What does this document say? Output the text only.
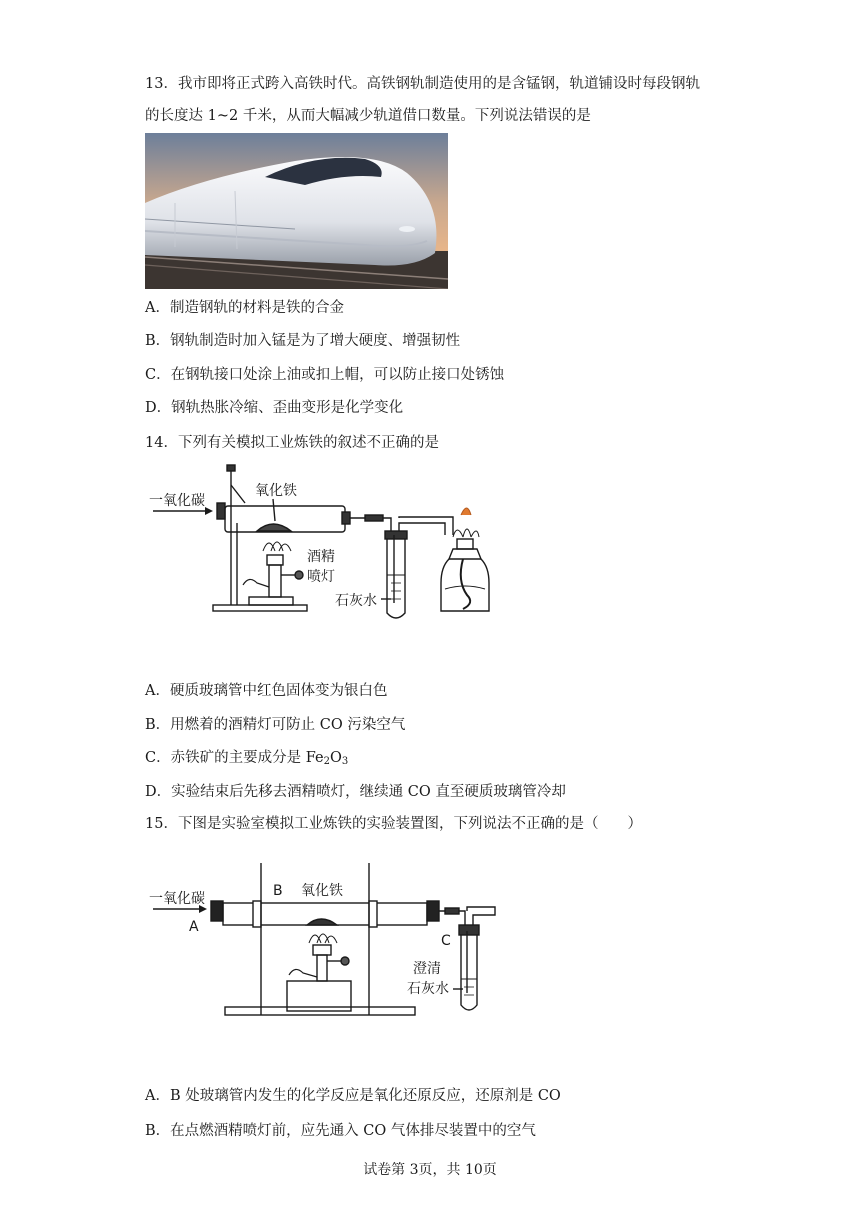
13．我市即将正式跨入高铁时代。高铁钢轨制造使用的是含锰钢，轨道铺设时每段钢轨
的长度达 1~2 千米，从而大幅减少轨道借口数量。下列说法错误的是
A．制造钢轨的材料是铁的合金
B．钢轨制造时加入锰是为了增大硬度、增强韧性
C．在钢轨接口处涂上油或扣上帽，可以防止接口处锈蚀
D．钢轨热胀冷缩、歪曲变形是化学变化
14．下列有关模拟工业炼铁的叙述不正确的是
一氧化碳
氧化铁
酒精
喷灯
石灰水
A．硬质玻璃管中红色固体变为银白色
B．用燃着的酒精灯可防止 CO 污染空气
C．赤铁矿的主要成分是 $Fe_2O_3$
D．实验结束后先移去酒精喷灯，继续通 CO 直至硬质玻璃管冷却
15．下图是实验室模拟工业炼铁的实验装置图，下列说法不正确的是（　　）
一氧化碳
A
B 氧化铁
C
澄清
石灰水
A．B 处玻璃管内发生的化学反应是氧化还原反应，还原剂是 CO
B．在点燃酒精喷灯前，应先通入 CO 气体排尽装置中的空气
试卷第 3页，共 10页
